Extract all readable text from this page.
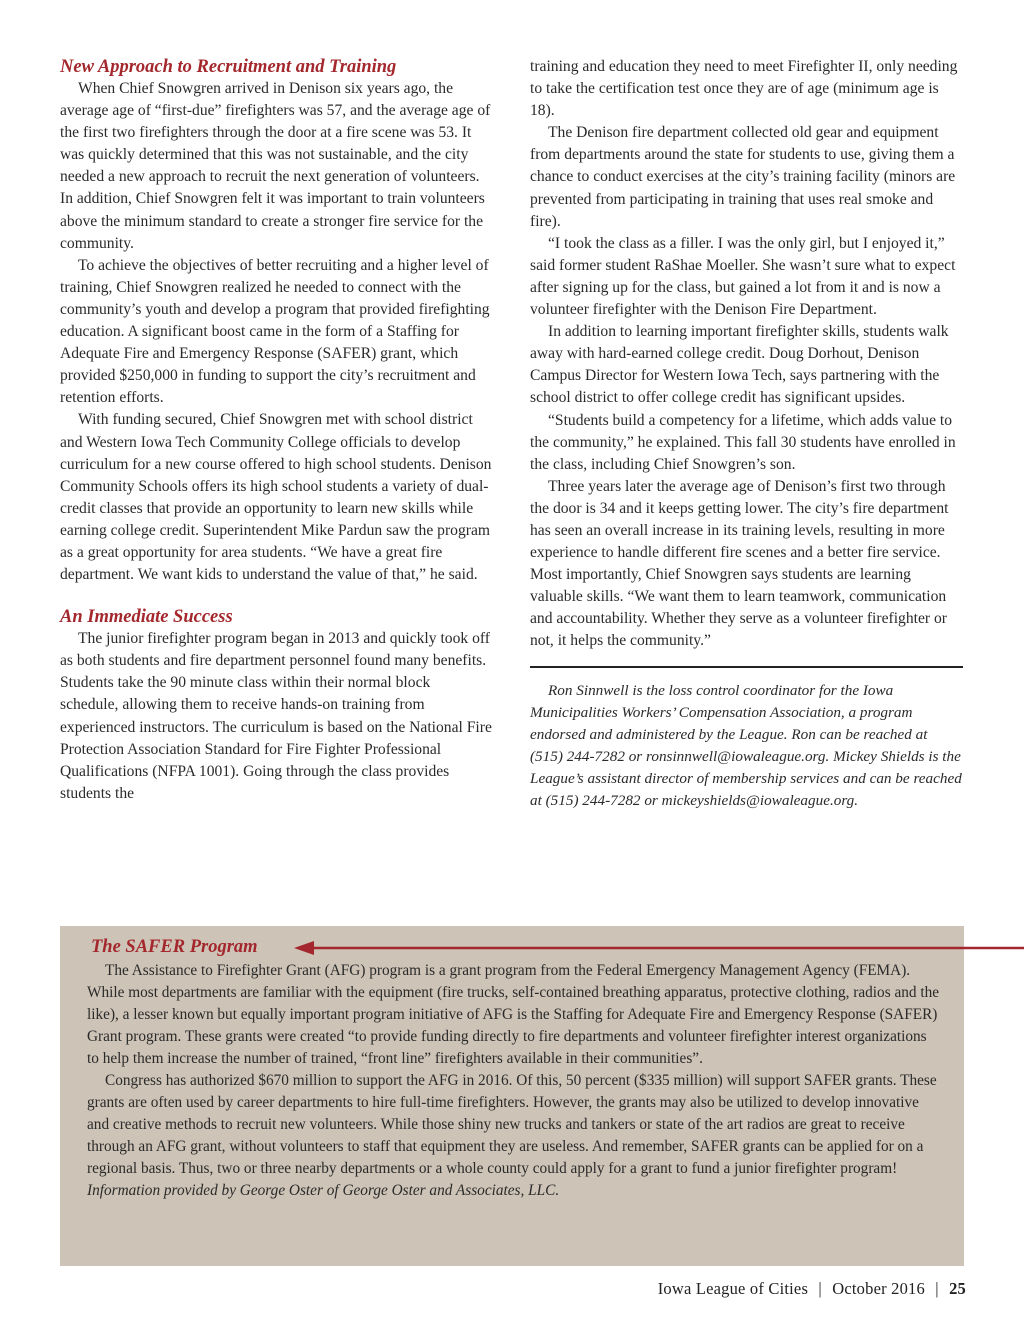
New Approach to Recruitment and Training

When Chief Snowgren arrived in Denison six years ago, the average age of “first-due” firefighters was 57, and the average age of the first two firefighters through the door at a fire scene was 53. It was quickly determined that this was not sustainable, and the city needed a new approach to recruit the next generation of volunteers. In addition, Chief Snowgren felt it was important to train volunteers above the minimum standard to create a stronger fire service for the community.

To achieve the objectives of better recruiting and a higher level of training, Chief Snowgren realized he needed to connect with the community’s youth and develop a program that provided firefighting education. A significant boost came in the form of a Staffing for Adequate Fire and Emergency Response (SAFER) grant, which provided $250,000 in funding to support the city’s recruitment and retention efforts.

With funding secured, Chief Snowgren met with school district and Western Iowa Tech Community College officials to develop curriculum for a new course offered to high school students. Denison Community Schools offers its high school students a variety of dual-credit classes that provide an opportunity to learn new skills while earning college credit. Superintendent Mike Pardun saw the program as a great opportunity for area students. “We have a great fire department. We want kids to understand the value of that,” he said.

An Immediate Success

The junior firefighter program began in 2013 and quickly took off as both students and fire department personnel found many benefits. Students take the 90 minute class within their normal block schedule, allowing them to receive hands-on training from experienced instructors. The curriculum is based on the National Fire Protection Association Standard for Fire Fighter Professional Qualifications (NFPA 1001). Going through the class provides students the

training and education they need to meet Firefighter II, only needing to take the certification test once they are of age (minimum age is 18).

The Denison fire department collected old gear and equipment from departments around the state for students to use, giving them a chance to conduct exercises at the city’s training facility (minors are prevented from participating in training that uses real smoke and fire).

“I took the class as a filler. I was the only girl, but I enjoyed it,” said former student RaShae Moeller. She wasn’t sure what to expect after signing up for the class, but gained a lot from it and is now a volunteer firefighter with the Denison Fire Department.

In addition to learning important firefighter skills, students walk away with hard-earned college credit. Doug Dorhout, Denison Campus Director for Western Iowa Tech, says partnering with the school district to offer college credit has significant upsides.

“Students build a competency for a lifetime, which adds value to the community,” he explained. This fall 30 students have enrolled in the class, including Chief Snowgren’s son.

Three years later the average age of Denison’s first two through the door is 34 and it keeps getting lower. The city’s fire department has seen an overall increase in its training levels, resulting in more experience to handle different fire scenes and a better fire service. Most importantly, Chief Snowgren says students are learning valuable skills. “We want them to learn teamwork, communication and accountability. Whether they serve as a volunteer firefighter or not, it helps the community.”

Ron Sinnwell is the loss control coordinator for the Iowa Municipalities Workers’ Compensation Association, a program endorsed and administered by the League. Ron can be reached at (515) 244-7282 or ronsinnwell@iowaleague.org. Mickey Shields is the League’s assistant director of membership services and can be reached at (515) 244-7282 or mickeyshields@iowaleague.org.

The SAFER Program

The Assistance to Firefighter Grant (AFG) program is a grant program from the Federal Emergency Management Agency (FEMA). While most departments are familiar with the equipment (fire trucks, self-contained breathing apparatus, protective clothing, radios and the like), a lesser known but equally important program initiative of AFG is the Staffing for Adequate Fire and Emergency Response (SAFER) Grant program. These grants were created “to provide funding directly to fire departments and volunteer firefighter interest organizations to help them increase the number of trained, “front line” firefighters available in their communities”.

Congress has authorized $670 million to support the AFG in 2016. Of this, 50 percent ($335 million) will support SAFER grants. These grants are often used by career departments to hire full-time firefighters. However, the grants may also be utilized to develop innovative and creative methods to recruit new volunteers. While those shiny new trucks and tankers or state of the art radios are great to receive through an AFG grant, without volunteers to staff that equipment they are useless. And remember, SAFER grants can be applied for on a regional basis. Thus, two or three nearby departments or a whole county could apply for a grant to fund a junior firefighter program!

Information provided by George Oster of George Oster and Associates, LLC.

Iowa League of Cities | October 2016 | 25
